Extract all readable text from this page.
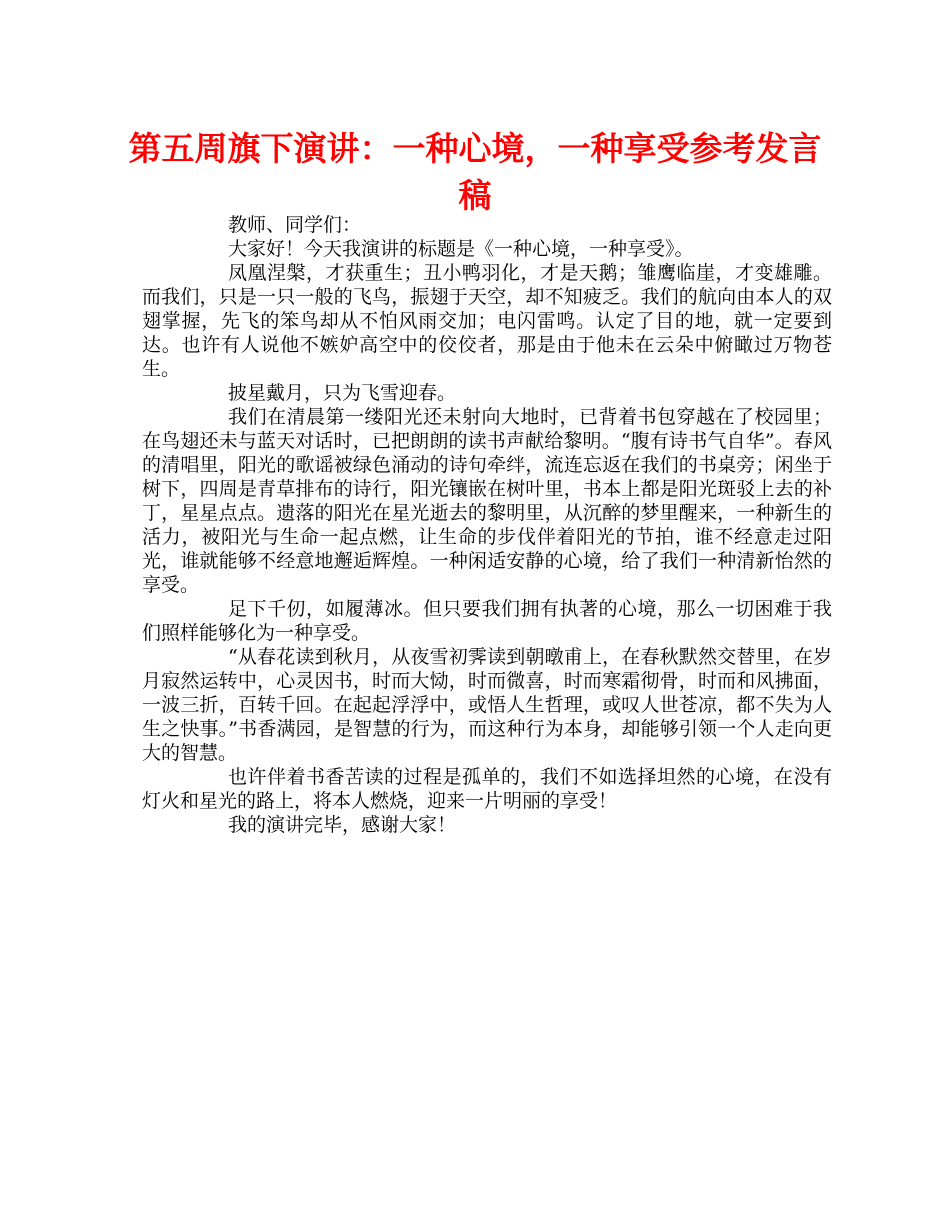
第五周旗下演讲：一种心境，一种享受参考发言稿

教师、同学们：

大家好！今天我演讲的标题是《一种心境，一种享受》。

凤凰涅槃，才获重生；丑小鸭羽化，才是天鹅；雏鹰临崖，才变雄雕。而我们，只是一只一般的飞鸟，振翅于天空，却不知疲乏。我们的航向由本人的双翅掌握，先飞的笨鸟却从不怕风雨交加；电闪雷鸣。认定了目的地，就一定要到达。也许有人说他不嫉妒高空中的佼佼者，那是由于他未在云朵中俯瞰过万物苍生。

披星戴月，只为飞雪迎春。

我们在清晨第一缕阳光还未射向大地时，已背着书包穿越在了校园里；在鸟翅还未与蓝天对话时，已把朗朗的读书声献给黎明。“腹有诗书气自华”。春风的清唱里，阳光的歌谣被绿色涌动的诗句牵绊，流连忘返在我们的书桌旁；闲坐于树下，四周是青草排布的诗行，阳光镶嵌在树叶里，书本上都是阳光斑驳上去的补丁，星星点点。遗落的阳光在星光逝去的黎明里，从沉醉的梦里醒来，一种新生的活力，被阳光与生命一起点燃，让生命的步伐伴着阳光的节拍，谁不经意走过阳光，谁就能够不经意地邂逅辉煌。一种闲适安静的心境，给了我们一种清新怡然的享受。

足下千仞，如履薄冰。但只要我们拥有执著的心境，那么一切困难于我们照样能够化为一种享受。

“从春花读到秋月，从夜雪初霁读到朝暾甫上，在春秋默然交替里，在岁月寂然运转中，心灵因书，时而大恸，时而微喜，时而寒霜彻骨，时而和风拂面，一波三折，百转千回。在起起浮浮中，或悟人生哲理，或叹人世苍凉，都不失为人生之快事。”书香满园，是智慧的行为，而这种行为本身，却能够引领一个人走向更大的智慧。

也许伴着书香苦读的过程是孤单的，我们不如选择坦然的心境，在没有灯火和星光的路上，将本人燃烧，迎来一片明丽的享受！

我的演讲完毕，感谢大家！
